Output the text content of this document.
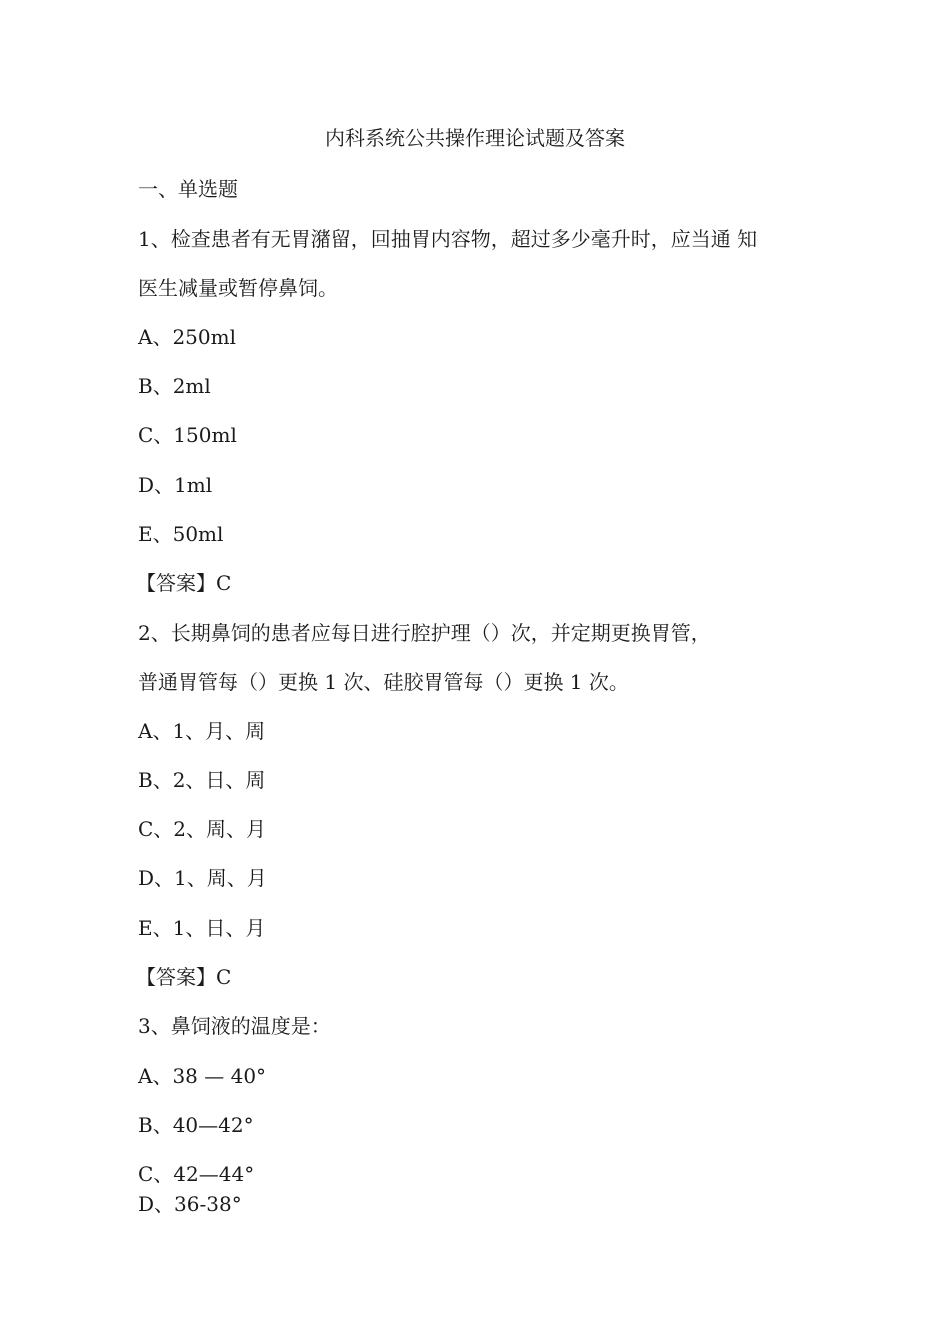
内科系统公共操作理论试题及答案
一、单选题
1、检查患者有无胃潴留，回抽胃内容物，超过多少毫升时，应当通 知
医生减量或暂停鼻饲。
A、250ml
B、2ml
C、150ml
D、1ml
E、50ml
【答案】C
2、长期鼻饲的患者应每日进行腔护理（）次，并定期更换胃管，
普通胃管每（）更换 1 次、硅胶胃管每（）更换 1 次。
A、1、月、周
B、2、日、周
C、2、周、月
D、1、周、月
E、1、日、月
【答案】C
3、鼻饲液的温度是：
A、38 — 40°
B、40—42°
C、42—44°
D、36-38°
